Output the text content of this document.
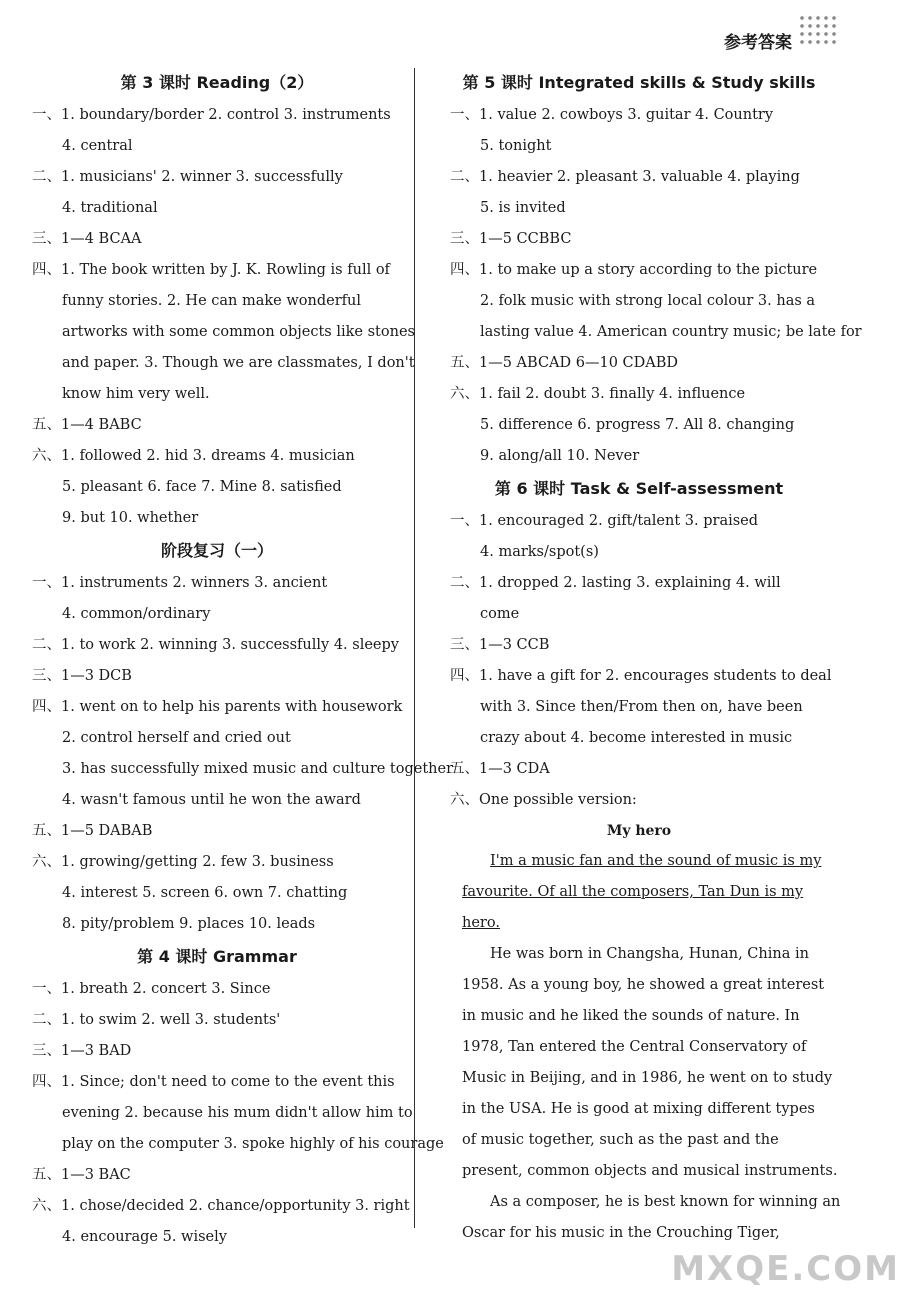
参考答案
第 3 课时 Reading（2）
一、1. boundary/border 2. control 3. instruments
4. central
二、1. musicians' 2. winner 3. successfully
4. traditional
三、1—4 BCAA
四、1. The book written by J. K. Rowling is full of
funny stories. 2. He can make wonderful
artworks with some common objects like stones
and paper. 3. Though we are classmates, I don't
know him very well.
五、1—4 BABC
六、1. followed 2. hid 3. dreams 4. musician
5. pleasant 6. face 7. Mine 8. satisfied
9. but 10. whether
阶段复习（一）
一、1. instruments 2. winners 3. ancient
4. common/ordinary
二、1. to work 2. winning 3. successfully 4. sleepy
三、1—3 DCB
四、1. went on to help his parents with housework
2. control herself and cried out
3. has successfully mixed music and culture together
4. wasn't famous until he won the award
五、1—5 DABAB
六、1. growing/getting 2. few 3. business
4. interest 5. screen 6. own 7. chatting
8. pity/problem 9. places 10. leads
第 4 课时 Grammar
一、1. breath 2. concert 3. Since
二、1. to swim 2. well 3. students'
三、1—3 BAD
四、1. Since; don't need to come to the event this
evening 2. because his mum didn't allow him to
play on the computer 3. spoke highly of his courage
五、1—3 BAC
六、1. chose/decided 2. chance/opportunity 3. right
4. encourage 5. wisely
第 5 课时 Integrated skills & Study skills
一、1. value 2. cowboys 3. guitar 4. Country
5. tonight
二、1. heavier 2. pleasant 3. valuable 4. playing
5. is invited
三、1—5 CCBBC
四、1. to make up a story according to the picture
2. folk music with strong local colour 3. has a
lasting value 4. American country music; be late for
五、1—5 ABCAD 6—10 CDABD
六、1. fail 2. doubt 3. finally 4. influence
5. difference 6. progress 7. All 8. changing
9. along/all 10. Never
第 6 课时 Task & Self-assessment
一、1. encouraged 2. gift/talent 3. praised
4. marks/spot(s)
二、1. dropped 2. lasting 3. explaining 4. will
come
三、1—3 CCB
四、1. have a gift for 2. encourages students to deal
with 3. Since then/From then on, have been
crazy about 4. become interested in music
五、1—3 CDA
六、One possible version:
My hero
I'm a music fan and the sound of music is my
favourite. Of all the composers, Tan Dun is my
hero.
He was born in Changsha, Hunan, China in
1958. As a young boy, he showed a great interest
in music and he liked the sounds of nature. In
1978, Tan entered the Central Conservatory of
Music in Beijing, and in 1986, he went on to study
in the USA. He is good at mixing different types
of music together, such as the past and the
present, common objects and musical instruments.
As a composer, he is best known for winning an
Oscar for his music in the Crouching Tiger,
MXQE.COM
